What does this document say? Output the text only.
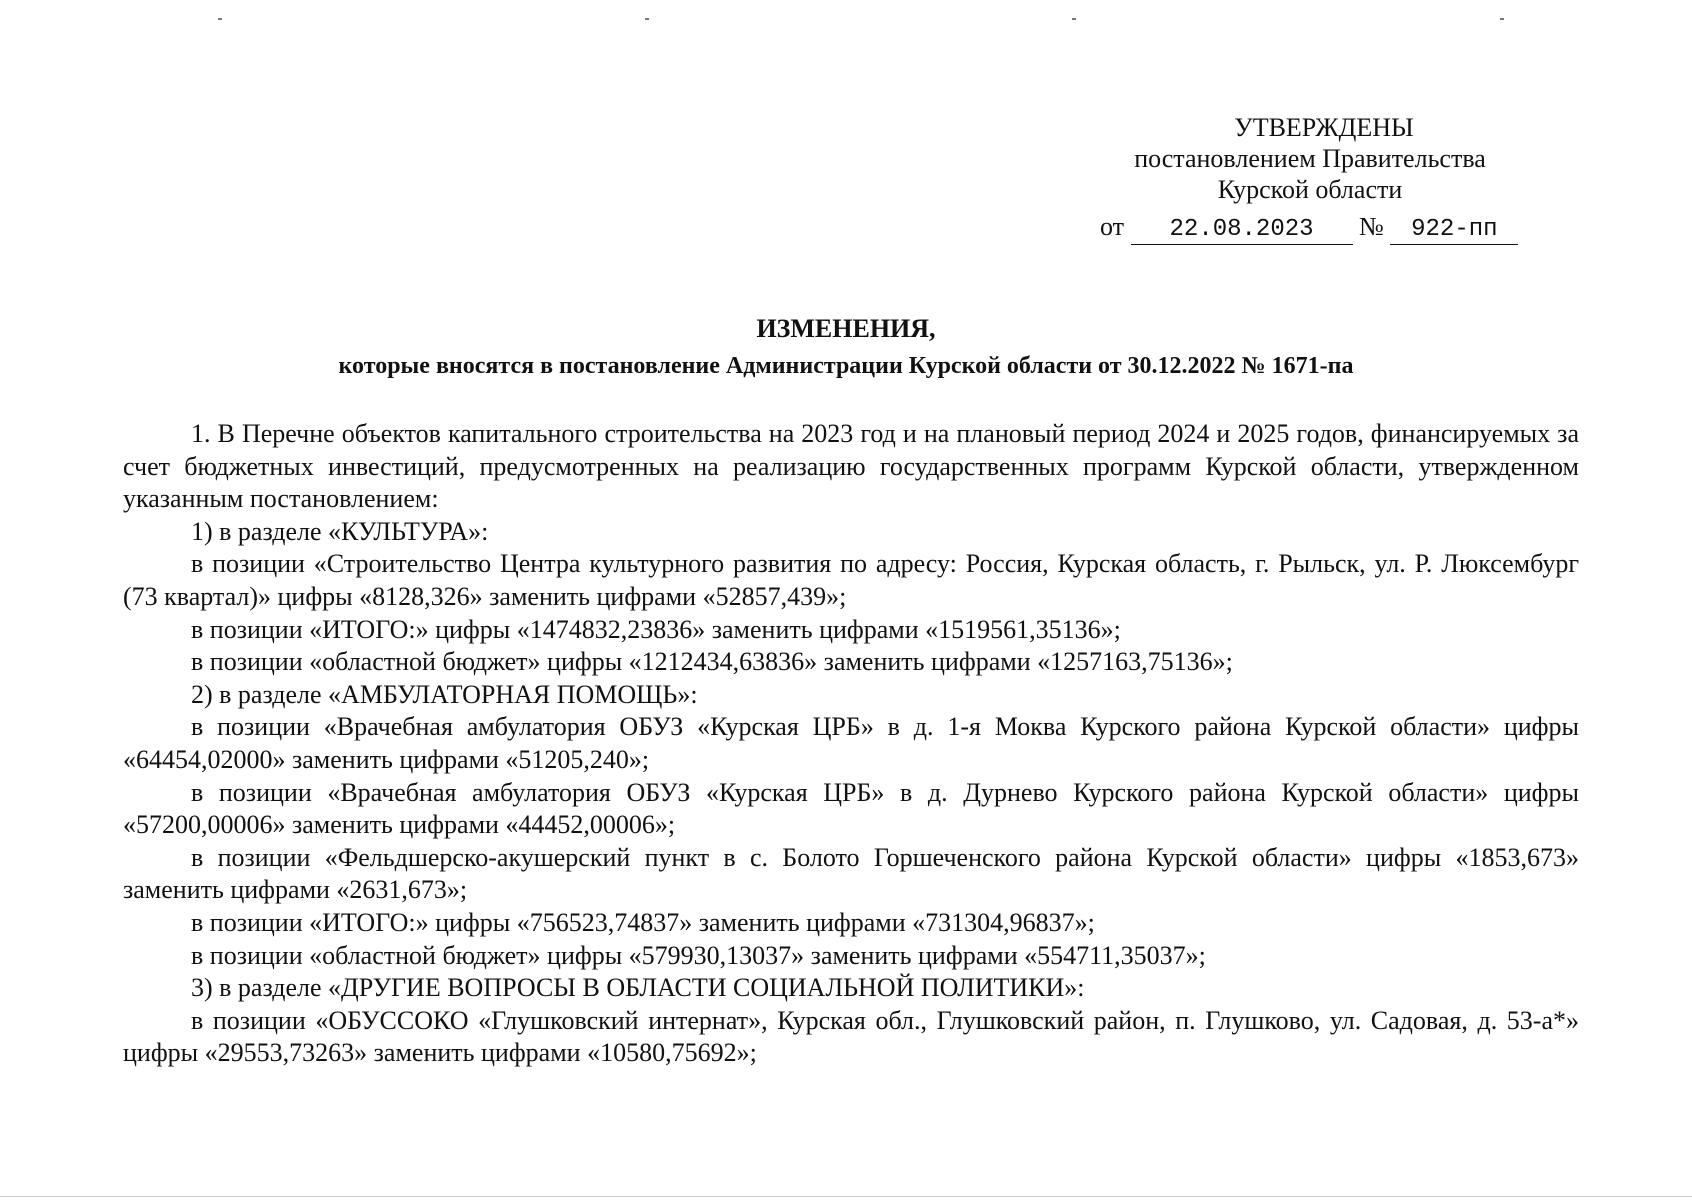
УТВЕРЖДЕНЫ
постановлением Правительства
Курской области
от 22.08.2023 № 922-пп
ИЗМЕНЕНИЯ,
которые вносятся в постановление Администрации Курской области от 30.12.2022 № 1671-па

1. В Перечне объектов капитального строительства на 2023 год и на плановый период 2024 и 2025 годов, финансируемых за счет бюджетных инвестиций, предусмотренных на реализацию государственных программ Курской области, утвержденном указанным постановлением:

1) в разделе «КУЛЬТУРА»:

в позиции «Строительство Центра культурного развития по адресу: Россия, Курская область, г. Рыльск, ул. Р. Люксембург (73 квартал)» цифры «8128,326» заменить цифрами «52857,439»;

в позиции «ИТОГО:» цифры «1474832,23836» заменить цифрами «1519561,35136»;

в позиции «областной бюджет» цифры «1212434,63836» заменить цифрами «1257163,75136»;

2) в разделе «АМБУЛАТОРНАЯ ПОМОЩЬ»:

в позиции «Врачебная амбулатория ОБУЗ «Курская ЦРБ» в д. 1-я Моква Курского района Курской области» цифры «64454,02000» заменить цифрами «51205,240»;

в позиции «Врачебная амбулатория ОБУЗ «Курская ЦРБ» в д. Дурнево Курского района Курской области» цифры «57200,00006» заменить цифрами «44452,00006»;

в позиции «Фельдшерско-акушерский пункт в с. Болото Горшеченского района Курской области» цифры «1853,673» заменить цифрами «2631,673»;

в позиции «ИТОГО:» цифры «756523,74837» заменить цифрами «731304,96837»;

в позиции «областной бюджет» цифры «579930,13037» заменить цифрами «554711,35037»;

3) в разделе «ДРУГИЕ ВОПРОСЫ В ОБЛАСТИ СОЦИАЛЬНОЙ ПОЛИТИКИ»:

в позиции «ОБУССОКО «Глушковский интернат», Курская обл., Глушковский район, п. Глушково, ул. Садовая, д. 53-а*» цифры «29553,73263» заменить цифрами «10580,75692»;
